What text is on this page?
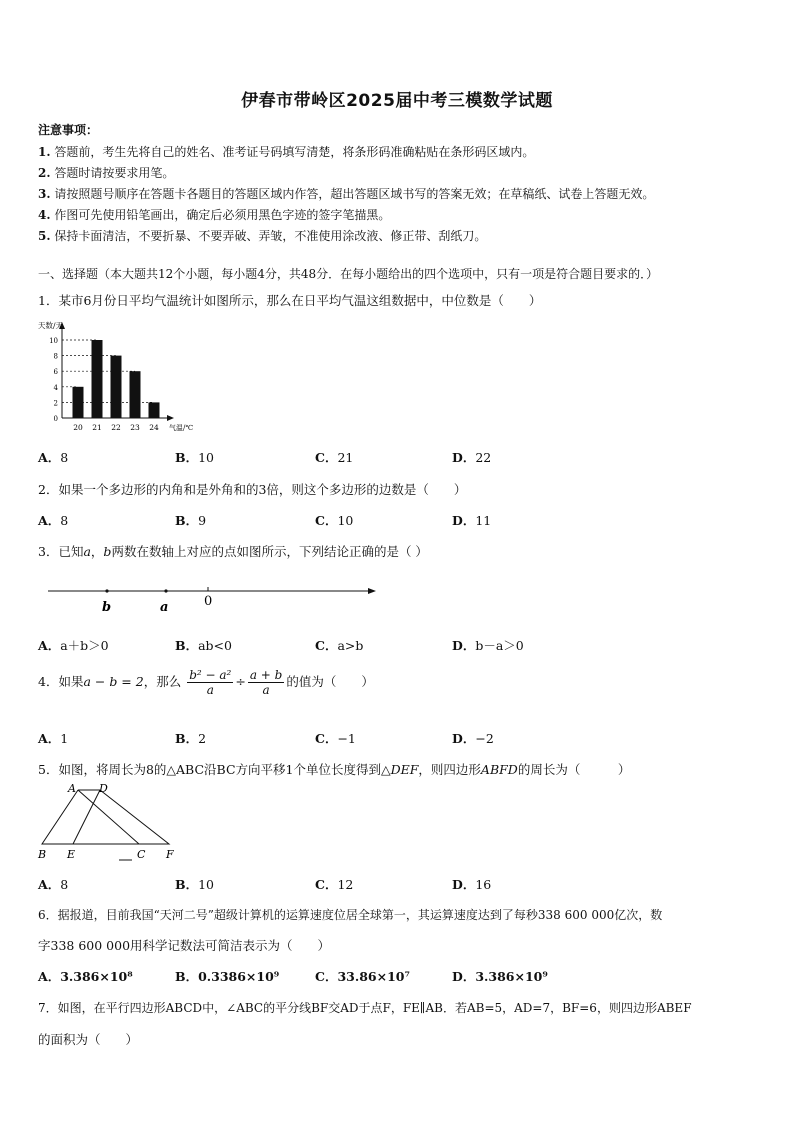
伊春市带岭区2025届中考三模数学试题
注意事项：
1. 答题前，考生先将自己的姓名、准考证号码填写清楚，将条形码准确粘贴在条形码区域内。
2. 答题时请按要求用笔。
3. 请按照题号顺序在答题卡各题目的答题区域内作答，超出答题区域书写的答案无效；在草稿纸、试卷上答题无效。
4. 作图可先使用铅笔画出，确定后必须用黑色字迹的签字笔描黑。
5. 保持卡面清洁，不要折暴、不要弄破、弄皱，不准使用涂改液、修正带、刮纸刀。
一、选择题（本大题共12个小题，每小题4分，共48分．在每小题给出的四个选项中，只有一项是符合题目要求的．）
1．某市6月份日平均气温统计如图所示，那么在日平均气温这组数据中，中位数是（　　）
0
2
4
6
8
10
20 21 22 23 24
天数/天
气温/℃
A．8	B．10	C．21	D．22
2．如果一个多边形的内角和是外角和的3倍，则这个多边形的边数是（　　）
A．8	B．9	C．10	D．11
3．已知a，b两数在数轴上对应的点如图所示，下列结论正确的是（ ）
b	a	0
A．a＋b＞0	B．ab<0	C．a>b	D．b－a＞0
4．如果a − b = 2，那么 $\frac{\text{b² − a²}}{a} \div \frac{a + b}{a}$ 的值为（　　）
A．1	B．2	C．−1	D．−2
5．如图，将周长为8的△ABC沿BC方向平移1个单位长度得到△DEF，则四边形ABFD的周长为（　　　）
A D
B E	C F
A．8	B．10	C．12	D．16
6．据报道，目前我国“天河二号”超级计算机的运算速度位居全球第一，其运算速度达到了每秒338 600 000亿次，数
字338 600 000用科学记数法可简洁表示为（　　）
A．3.386×10⁸	B．0.3386×10⁹	C．33.86×10⁷	D．3.386×10⁹
7．如图，在平行四边形ABCD中，∠ABC的平分线BF交AD于点F，FE∥AB．若AB=5，AD=7，BF=6，则四边形ABEF
的面积为（　　）
